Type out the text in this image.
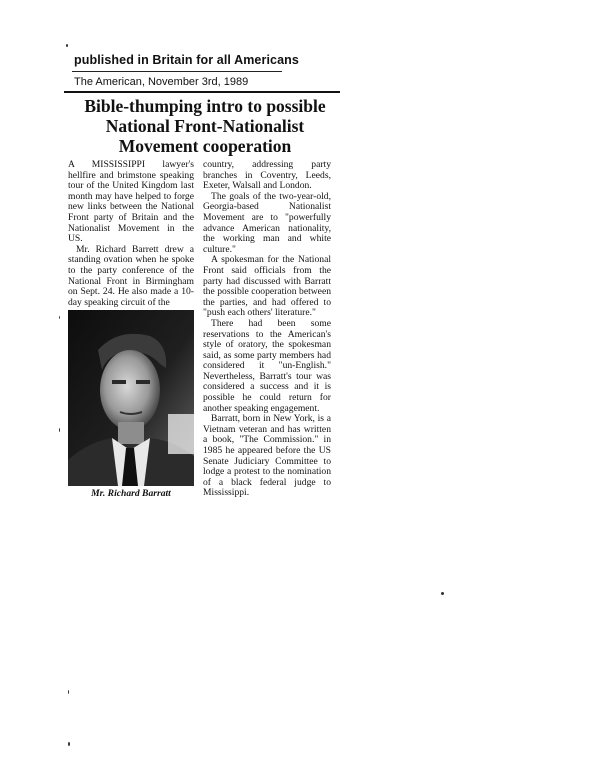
published in Britain for all Americans
The American, November 3rd, 1989
Bible-thumping intro to possible
National Front-Nationalist
Movement cooperation

A MISSISSIPPI lawyer's hellfire and brimstone speaking tour of the United Kingdom last month may have helped to forge new links between the National Front party of Britain and the Nationalist Movement in the US.

Mr. Richard Barrett drew a standing ovation when he spoke to the party conference of the National Front in Birmingham on Sept. 24. He also made a 10-day speaking circuit of the

country, addressing party branches in Coventry, Leeds, Exeter, Walsall and London.

The goals of the two-year-old, Georgia-based Nationalist Movement are to "powerfully advance American nationality, the working man and white culture."

A spokesman for the National Front said officials from the party had discussed with Barratt the possible cooperation between the parties, and had offered to "push each others' literature."

There had been some reservations to the American's style of oratory, the spokesman said, as some party members had considered it "un-English." Nevertheless, Barratt's tour was considered a success and it is possible he could return for another speaking engagement.

Barratt, born in New York, is a Vietnam veteran and has written a book, "The Commission." in 1985 he appeared before the US Senate Judiciary Committee to lodge a protest to the nomination of a black federal judge to Mississippi.

Mr. Richard Barratt
